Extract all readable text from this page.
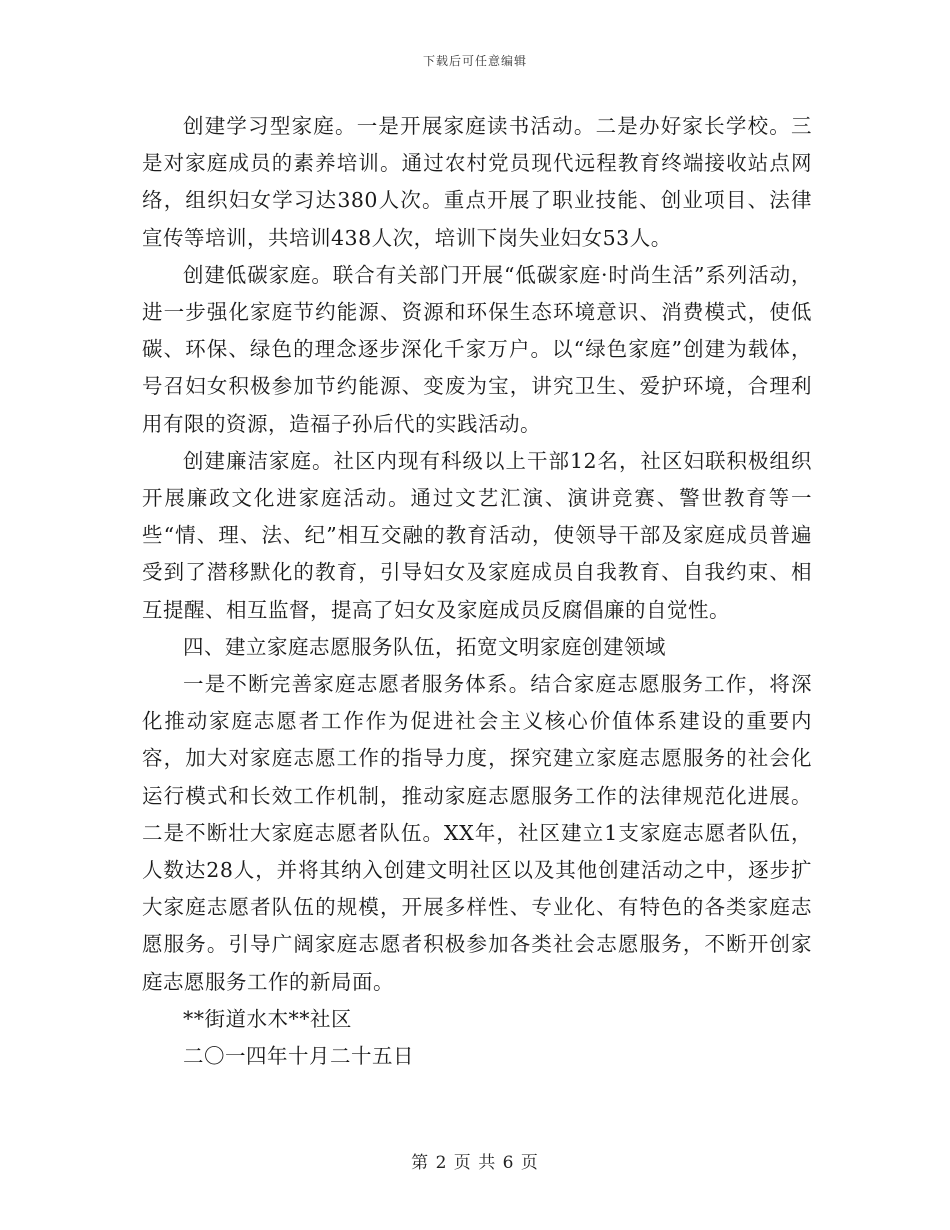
下载后可任意编辑

创建学习型家庭。一是开展家庭读书活动。二是办好家长学校。三是对家庭成员的素养培训。通过农村党员现代远程教育终端接收站点网络，组织妇女学习达380人次。重点开展了职业技能、创业项目、法律宣传等培训，共培训438人次，培训下岗失业妇女53人。

创建低碳家庭。联合有关部门开展“低碳家庭·时尚生活”系列活动，进一步强化家庭节约能源、资源和环保生态环境意识、消费模式，使低碳、环保、绿色的理念逐步深化千家万户。以“绿色家庭”创建为载体，号召妇女积极参加节约能源、变废为宝，讲究卫生、爱护环境，合理利用有限的资源，造福子孙后代的实践活动。

创建廉洁家庭。社区内现有科级以上干部12名，社区妇联积极组织开展廉政文化进家庭活动。通过文艺汇演、演讲竞赛、警世教育等一些“情、理、法、纪”相互交融的教育活动，使领导干部及家庭成员普遍受到了潜移默化的教育，引导妇女及家庭成员自我教育、自我约束、相互提醒、相互监督，提高了妇女及家庭成员反腐倡廉的自觉性。

四、建立家庭志愿服务队伍，拓宽文明家庭创建领域

一是不断完善家庭志愿者服务体系。结合家庭志愿服务工作，将深化推动家庭志愿者工作作为促进社会主义核心价值体系建设的重要内容，加大对家庭志愿工作的指导力度，探究建立家庭志愿服务的社会化运行模式和长效工作机制，推动家庭志愿服务工作的法律规范化进展。二是不断壮大家庭志愿者队伍。XX年，社区建立1支家庭志愿者队伍，人数达28人，并将其纳入创建文明社区以及其他创建活动之中，逐步扩大家庭志愿者队伍的规模，开展多样性、专业化、有特色的各类家庭志愿服务。引导广阔家庭志愿者积极参加各类社会志愿服务，不断开创家庭志愿服务工作的新局面。

**街道水木**社区

二〇一四年十月二十五日

第 2 页 共 6 页
